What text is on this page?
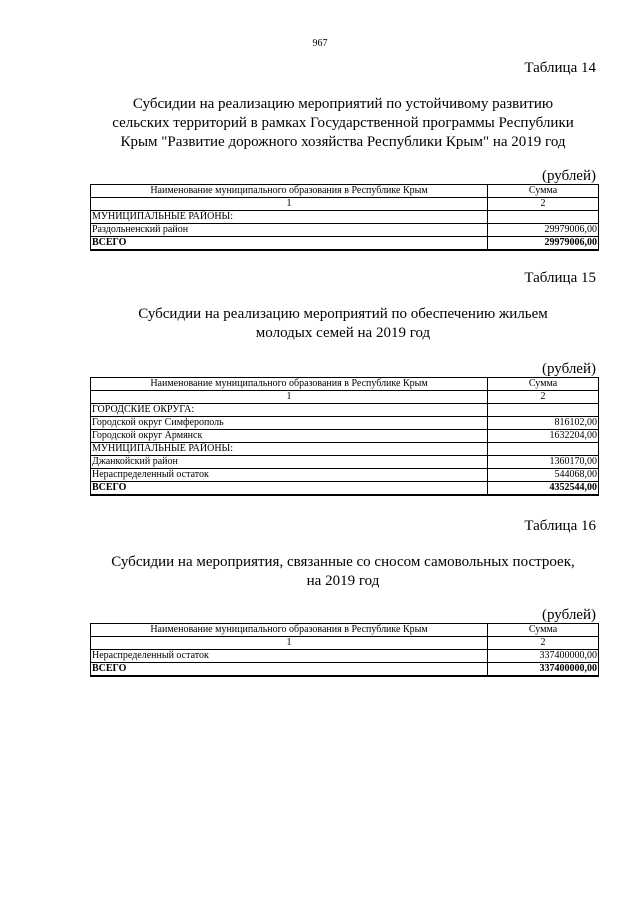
967
Таблица 14
Субсидии на реализацию мероприятий по устойчивому развитию
сельских территорий в рамках Государственной программы Республики
Крым "Развитие дорожного хозяйства Республики Крым" на 2019 год
(рублей)
Наименование муниципального образования в Республике Крым	Сумма
1	2
МУНИЦИПАЛЬНЫЕ РАЙОНЫ:	
Раздольненский район	29979006,00
ВСЕГО	29979006,00
Таблица 15
Субсидии на реализацию мероприятий по обеспечению жильем
молодых семей на 2019 год
(рублей)
Наименование муниципального образования в Республике Крым	Сумма
1	2
ГОРОДСКИЕ ОКРУГА:	
Городской округ Симферополь	816102,00
Городской округ Армянск	1632204,00
МУНИЦИПАЛЬНЫЕ РАЙОНЫ:	
Джанкойский район	1360170,00
Нераспределенный остаток	544068,00
ВСЕГО	4352544,00
Таблица 16
Субсидии на мероприятия, связанные со сносом самовольных построек,
на 2019 год
(рублей)
Наименование муниципального образования в Республике Крым	Сумма
1	2
Нераспределенный остаток	337400000,00
ВСЕГО	337400000,00
